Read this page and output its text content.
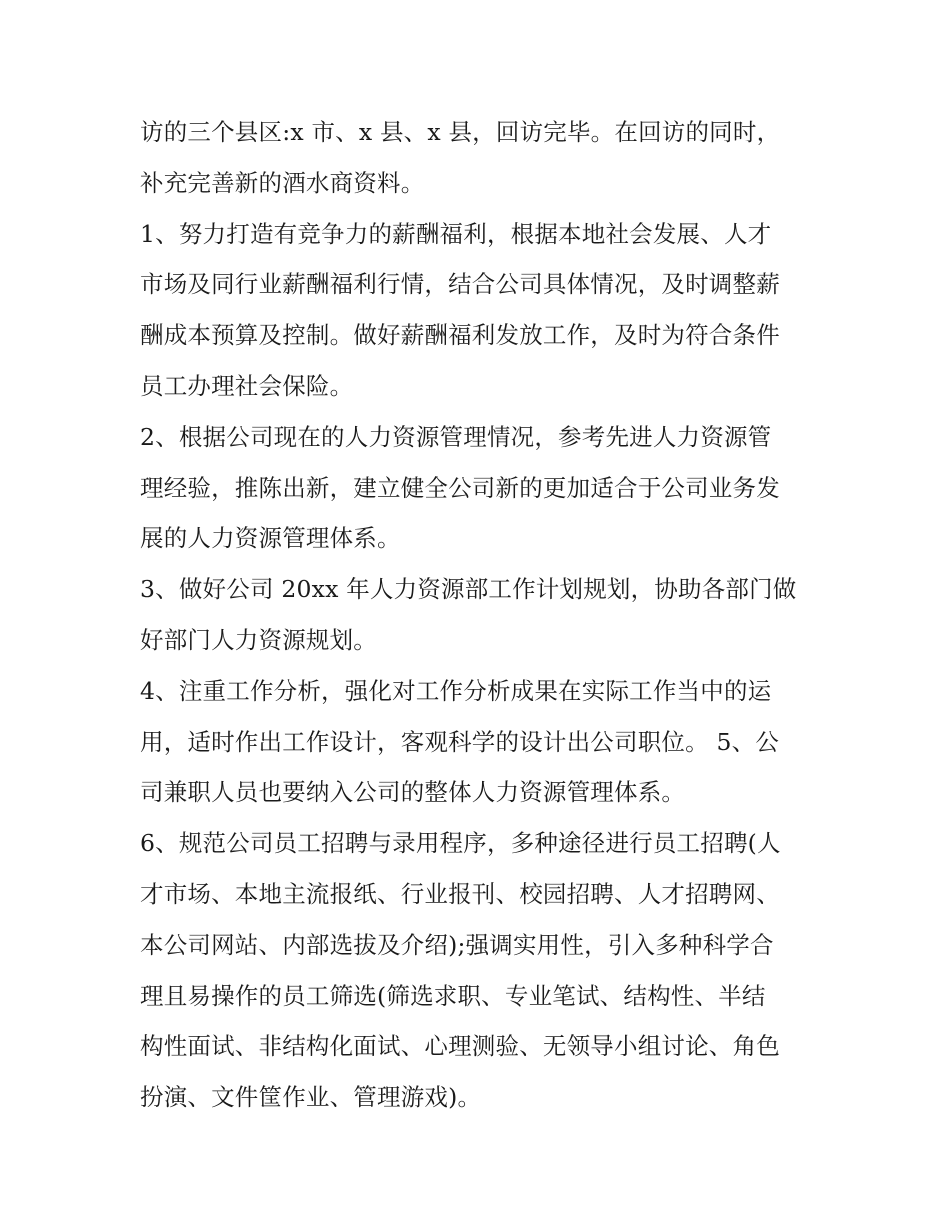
访的三个县区:x 市、x 县、x 县，回访完毕。在回访的同时，
补充完善新的酒水商资料。
1、努力打造有竞争力的薪酬福利，根据本地社会发展、人才
市场及同行业薪酬福利行情，结合公司具体情况，及时调整薪
酬成本预算及控制。做好薪酬福利发放工作，及时为符合条件
员工办理社会保险。
2、根据公司现在的人力资源管理情况，参考先进人力资源管
理经验，推陈出新，建立健全公司新的更加适合于公司业务发
展的人力资源管理体系。
3、做好公司 20xx 年人力资源部工作计划规划，协助各部门做
好部门人力资源规划。
4、注重工作分析，强化对工作分析成果在实际工作当中的运
用，适时作出工作设计，客观科学的设计出公司职位。 5、公
司兼职人员也要纳入公司的整体人力资源管理体系。
6、规范公司员工招聘与录用程序，多种途径进行员工招聘(人
才市场、本地主流报纸、行业报刊、校园招聘、人才招聘网、
本公司网站、内部选拔及介绍);强调实用性，引入多种科学合
理且易操作的员工筛选(筛选求职、专业笔试、结构性、半结
构性面试、非结构化面试、心理测验、无领导小组讨论、角色
扮演、文件筐作业、管理游戏)。
